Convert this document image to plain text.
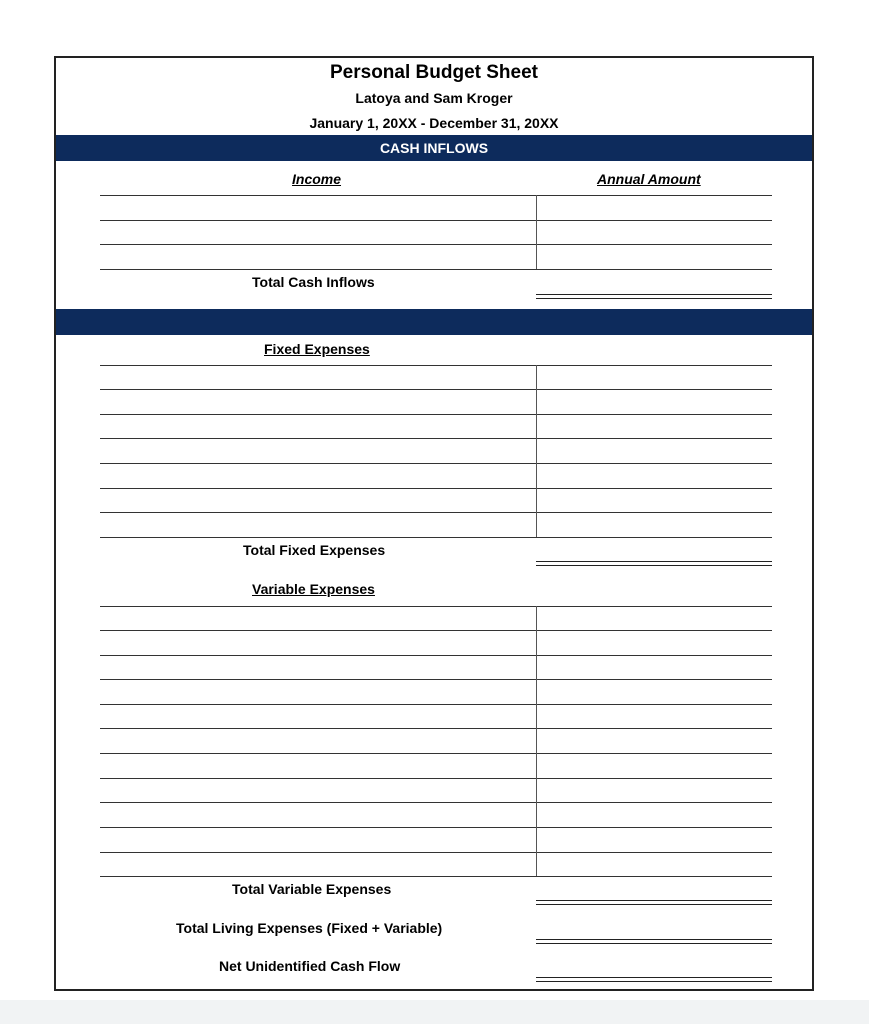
Personal Budget Sheet
Latoya and Sam Kroger
January 1, 20XX - December 31, 20XX
CASH INFLOWS
Income	Annual Amount
Total Cash Inflows
Fixed Expenses
Total Fixed Expenses
Variable Expenses
Total Variable Expenses
Total Living Expenses (Fixed + Variable)
Net Unidentified Cash Flow
